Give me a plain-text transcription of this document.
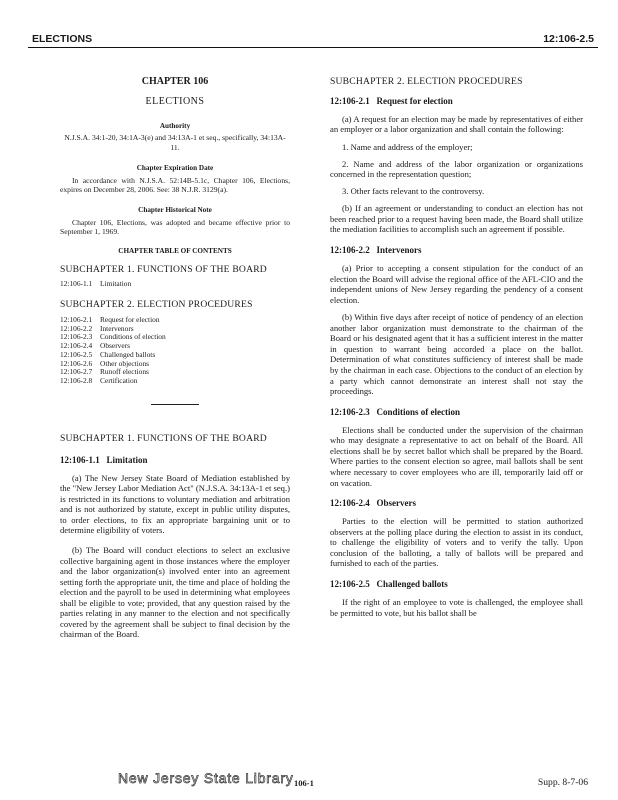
ELECTIONS	12:106-2.5
CHAPTER 106
ELECTIONS
Authority

N.J.S.A. 34:1-20, 34:1A-3(e) and 34:13A-1 et seq., specifically, 34:13A-11.

Chapter Expiration Date

In accordance with N.J.S.A. 52:14B-5.1c, Chapter 106, Elections, expires on December 28, 2006. See: 38 N.J.R. 3129(a).

Chapter Historical Note

Chapter 106, Elections, was adopted and became effective prior to September 1, 1969.

CHAPTER TABLE OF CONTENTS
SUBCHAPTER 1. FUNCTIONS OF THE BOARD
12:106-1.1	Limitation
SUBCHAPTER 2. ELECTION PROCEDURES
12:106-2.1	Request for election
12:106-2.2	Intervenors
12:106-2.3	Conditions of election
12:106-2.4	Observers
12:106-2.5	Challenged ballots
12:106-2.6	Other objections
12:106-2.7	Runoff elections
12:106-2.8	Certification
SUBCHAPTER 1. FUNCTIONS OF THE BOARD
12:106-1.1   Limitation

(a) The New Jersey State Board of Mediation established by the "New Jersey Labor Mediation Act" (N.J.S.A. 34:13A-1 et seq.) is restricted in its functions to voluntary mediation and arbitration and is not authorized by statute, except in public utility disputes, to order elections, to fix an appropriate bargaining unit or to determine eligibility of voters.

(b) The Board will conduct elections to select an exclusive collective bargaining agent in those instances where the employer and the labor organization(s) involved enter into an agreement setting forth the appropriate unit, the time and place of holding the election and the payroll to be used in determining what employees shall be eligible to vote; provided, that any question raised by the parties relating in any manner to the election and not specifically covered by the agreement shall be subject to final decision by the chairman of the Board.

SUBCHAPTER 2. ELECTION PROCEDURES
12:106-2.1   Request for election

(a) A request for an election may be made by representatives of either an employer or a labor organization and shall contain the following:

1. Name and address of the employer;
2. Name and address of the labor organization or organizations concerned in the representation question;
3. Other facts relevant to the controversy.

(b) If an agreement or understanding to conduct an election has not been reached prior to a request having been made, the Board shall utilize the mediation facilities to accomplish such an agreement if possible.

12:106-2.2   Intervenors

(a) Prior to accepting a consent stipulation for the conduct of an election the Board will advise the regional office of the AFL-CIO and the independent unions of New Jersey regarding the pendency of a consent election.

(b) Within five days after receipt of notice of pendency of an election another labor organization must demonstrate to the chairman of the Board or his designated agent that it has a sufficient interest in the matter in question to warrant being accorded a place on the ballot. Determination of what constitutes sufficiency of interest shall be made by the chairman in each case. Objections to the conduct of an election by a party which cannot demonstrate an interest shall not stay the proceedings.

12:106-2.3   Conditions of election

Elections shall be conducted under the supervision of the chairman who may designate a representative to act on behalf of the Board. All elections shall be by secret ballot which shall be prepared by the Board. Where parties to the consent election so agree, mail ballots shall be sent where necessary to cover employees who are ill, temporarily laid off or on vacation.

12:106-2.4   Observers

Parties to the election will be permitted to station authorized observers at the polling place during the election to assist in its conduct, to challenge the eligibility of voters and to verify the tally. Upon conclusion of the balloting, a tally of ballots will be prepared and furnished to each of the parties.

12:106-2.5   Challenged ballots

If the right of an employee to vote is challenged, the employee shall be permitted to vote, but his ballot shall be

New Jersey State Library 106-1	Supp. 8-7-06
